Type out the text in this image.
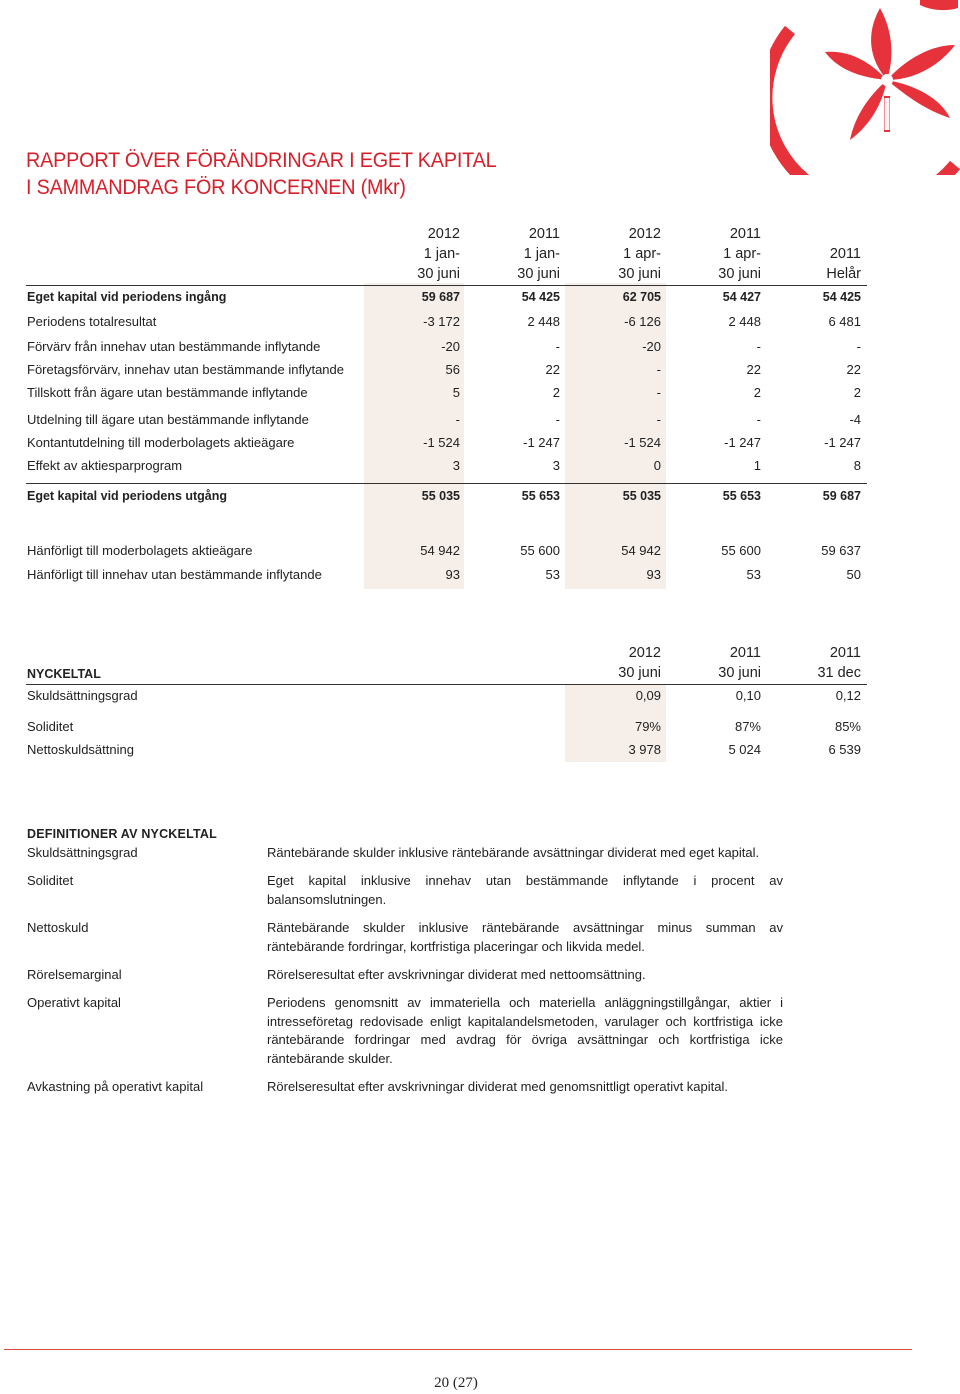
RAPPORT ÖVER FÖRÄNDRINGAR I EGET KAPITAL
I SAMMANDRAG FÖR KONCERNEN (Mkr)
2012
1 jan-
30 juni
2011
1 jan-
30 juni
2012
1 apr-
30 juni
2011
1 apr-
30 juni
2011
Helår
Eget kapital vid periodens ingång	59 687	54 425	62 705	54 427	54 425
Periodens totalresultat	-3 172	2 448	-6 126	2 448	6 481
Förvärv från innehav utan bestämmande inflytande	-20	-	-20	-	-
Företagsförvärv, innehav utan bestämmande inflytande	56	22	-	22	22
Tillskott från ägare utan bestämmande inflytande	5	2	-	2	2
Utdelning till ägare utan bestämmande inflytande	-	-	-	-	-4
Kontantutdelning till moderbolagets aktieägare	-1 524	-1 247	-1 524	-1 247	-1 247
Effekt av aktiesparprogram	3	3	0	1	8
Eget kapital vid periodens utgång	55 035	55 653	55 035	55 653	59 687
Hänförligt till moderbolagets aktieägare	54 942	55 600	54 942	55 600	59 637
Hänförligt till innehav utan bestämmande inflytande	93	53	93	53	50
NYCKELTAL
2012
30 juni
2011
30 juni
2011
31 dec
Skuldsättningsgrad	0,09	0,10	0,12
Soliditet	79%	87%	85%
Nettoskuldsättning	3 978	5 024	6 539
DEFINITIONER AV NYCKELTAL
Skuldsättningsgrad	Räntebärande skulder inklusive räntebärande avsättningar dividerat med eget kapital.
Soliditet	Eget kapital inklusive innehav utan bestämmande inflytande i procent av balansomslutningen.
Nettoskuld	Räntebärande skulder inklusive räntebärande avsättningar minus summan av räntebärande fordringar, kortfristiga placeringar och likvida medel.
Rörelsemarginal	Rörelseresultat efter avskrivningar dividerat med nettoomsättning.
Operativt kapital	Periodens genomsnitt av immateriella och materiella anläggningstillgångar, aktier i intresseföretag redovisade enligt kapitalandelsmetoden, varulager och kortfristiga icke räntebärande fordringar med avdrag för övriga avsättningar och kortfristiga icke räntebärande skulder.
Avkastning på operativt kapital	Rörelseresultat efter avskrivningar dividerat med genomsnittligt operativt kapital.
20 (27)
